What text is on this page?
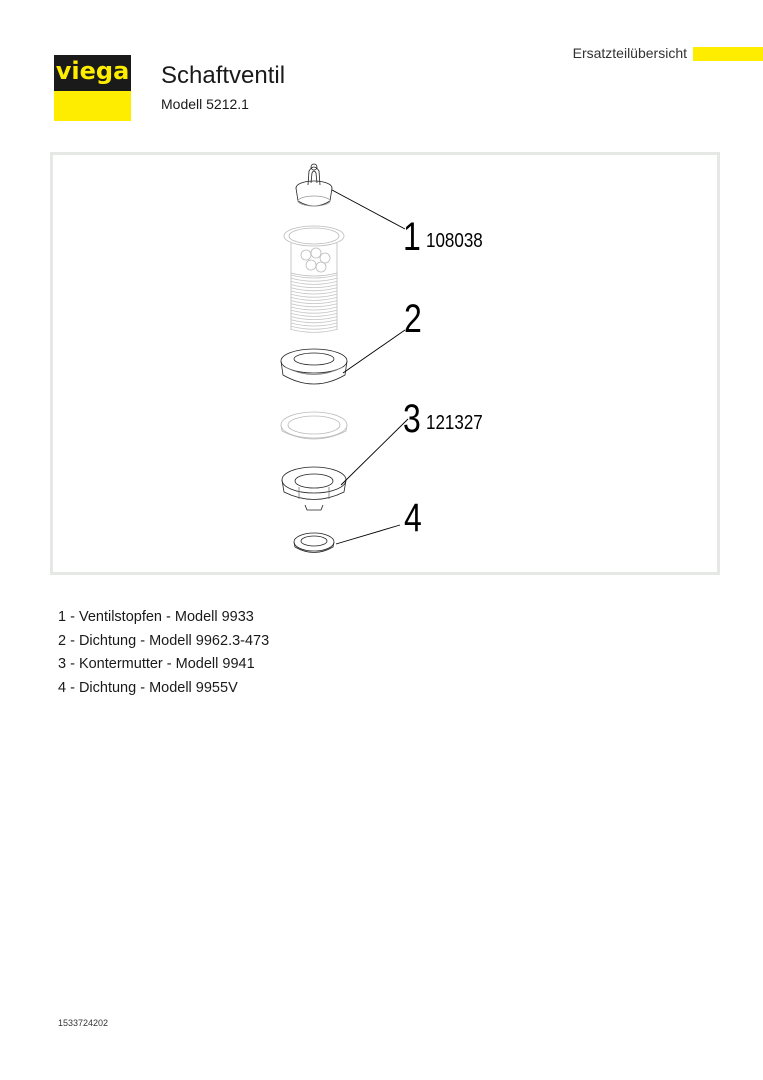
viega Schaftventil
Modell 5212.1
Ersatzteilübersicht
1 108038
2
3 121327
4
1 - Ventilstopfen - Modell 9933
2 - Dichtung - Modell 9962.3-473
3 - Kontermutter - Modell 9941
4 - Dichtung - Modell 9955V
1533724202
